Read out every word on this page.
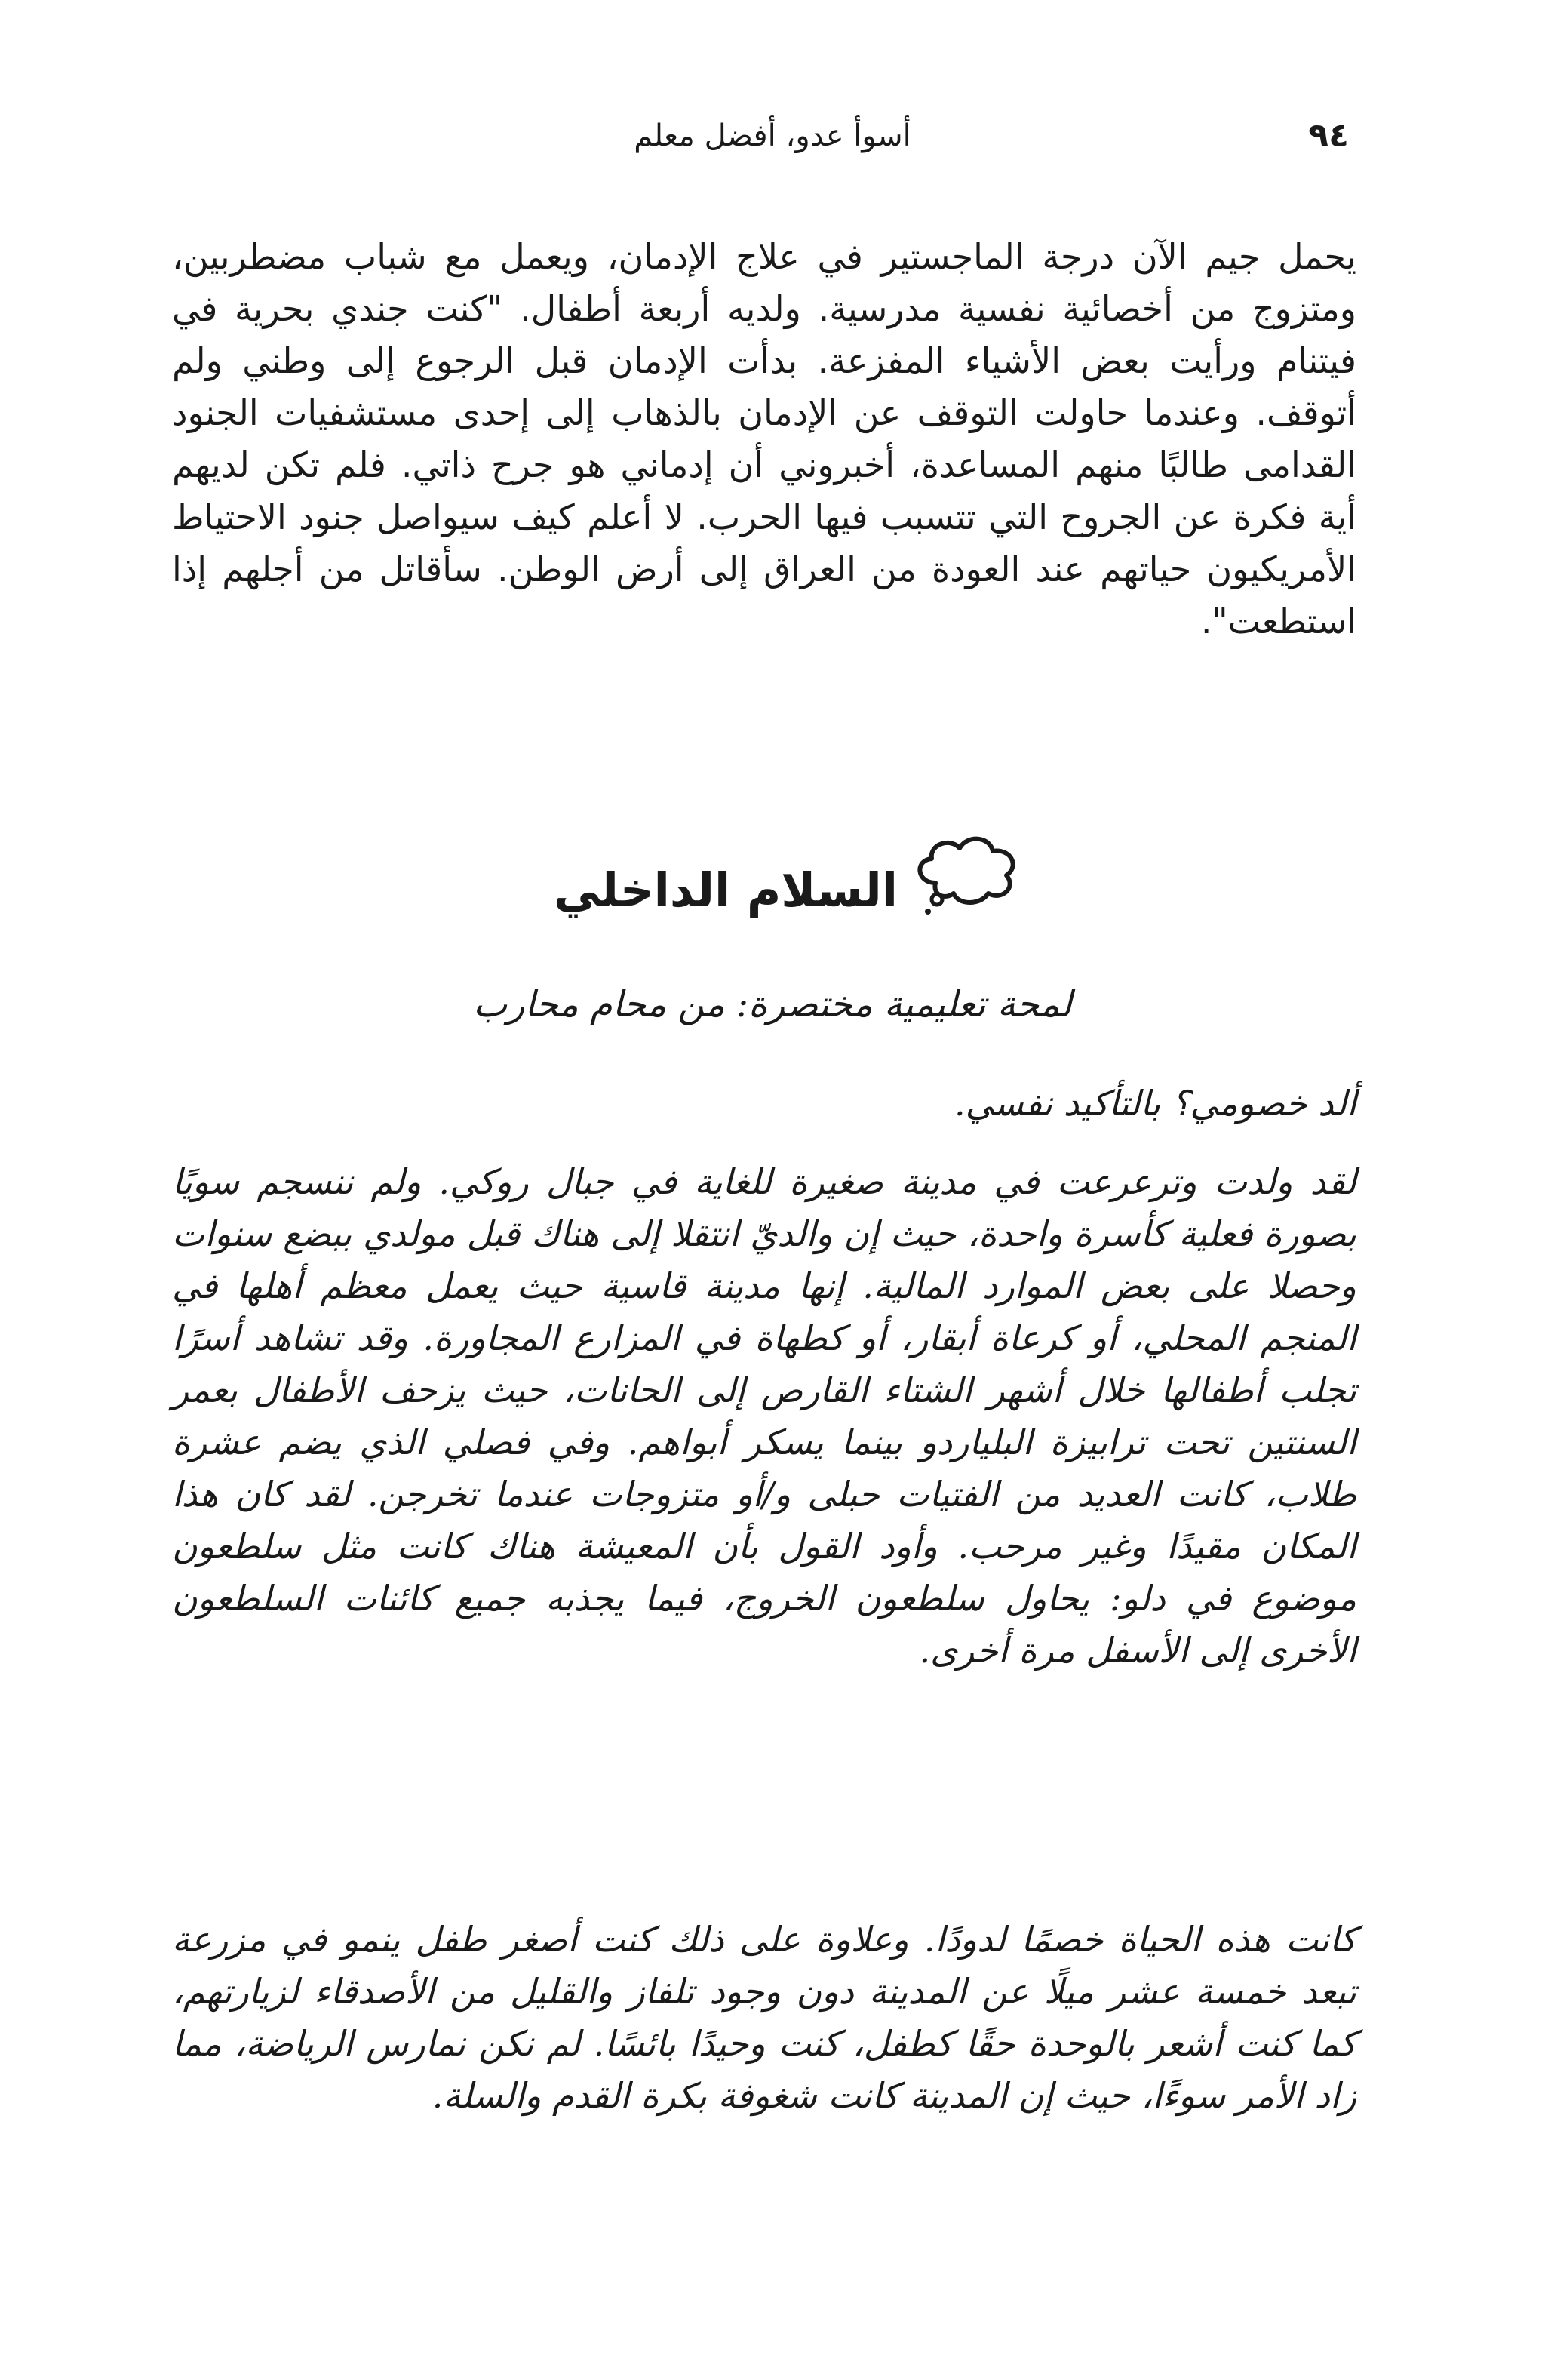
٩٤
أسوأ عدو، أفضل معلم

يحمل جيم الآن درجة الماجستير في علاج الإدمان، ويعمل مع شباب مضطربين، ومتزوج من أخصائية نفسية مدرسية. ولديه أربعة أطفال. "كنت جندي بحرية في فيتنام ورأيت بعض الأشياء المفزعة. بدأت الإدمان قبل الرجوع إلى وطني ولم أتوقف. وعندما حاولت التوقف عن الإدمان بالذهاب إلى إحدى مستشفيات الجنود القدامى طالبًا منهم المساعدة، أخبروني أن إدماني هو جرح ذاتي. فلم تكن لديهم أية فكرة عن الجروح التي تتسبب فيها الحرب. لا أعلم كيف سيواصل جنود الاحتياط الأمريكيون حياتهم عند العودة من العراق إلى أرض الوطن. سأقاتل من أجلهم إذا استطعت".

السلام الداخلي
لمحة تعليمية مختصرة: من محام محارب

ألد خصومي؟ بالتأكيد نفسي.

لقد ولدت وترعرعت في مدينة صغيرة للغاية في جبال روكي. ولم ننسجم سويًا بصورة فعلية كأسرة واحدة، حيث إن والديّ انتقلا إلى هناك قبل مولدي ببضع سنوات وحصلا على بعض الموارد المالية. إنها مدينة قاسية حيث يعمل معظم أهلها في المنجم المحلي، أو كرعاة أبقار، أو كطهاة في المزارع المجاورة. وقد تشاهد أسرًا تجلب أطفالها خلال أشهر الشتاء القارص إلى الحانات، حيث يزحف الأطفال بعمر السنتين تحت ترابيزة البلياردو بينما يسكر أبواهم. وفي فصلي الذي يضم عشرة طلاب، كانت العديد من الفتيات حبلى و/أو متزوجات عندما تخرجن. لقد كان هذا المكان مقيدًا وغير مرحب. وأود القول بأن المعيشة هناك كانت مثل سلطعون موضوع في دلو: يحاول سلطعون الخروج، فيما يجذبه جميع كائنات السلطعون الأخرى إلى الأسفل مرة أخرى.

كانت هذه الحياة خصمًا لدودًا. وعلاوة على ذلك كنت أصغر طفل ينمو في مزرعة تبعد خمسة عشر ميلًا عن المدينة دون وجود تلفاز والقليل من الأصدقاء لزيارتهم، كما كنت أشعر بالوحدة حقًا كطفل، كنت وحيدًا بائسًا. لم نكن نمارس الرياضة، مما زاد الأمر سوءًا، حيث إن المدينة كانت شغوفة بكرة القدم والسلة.
